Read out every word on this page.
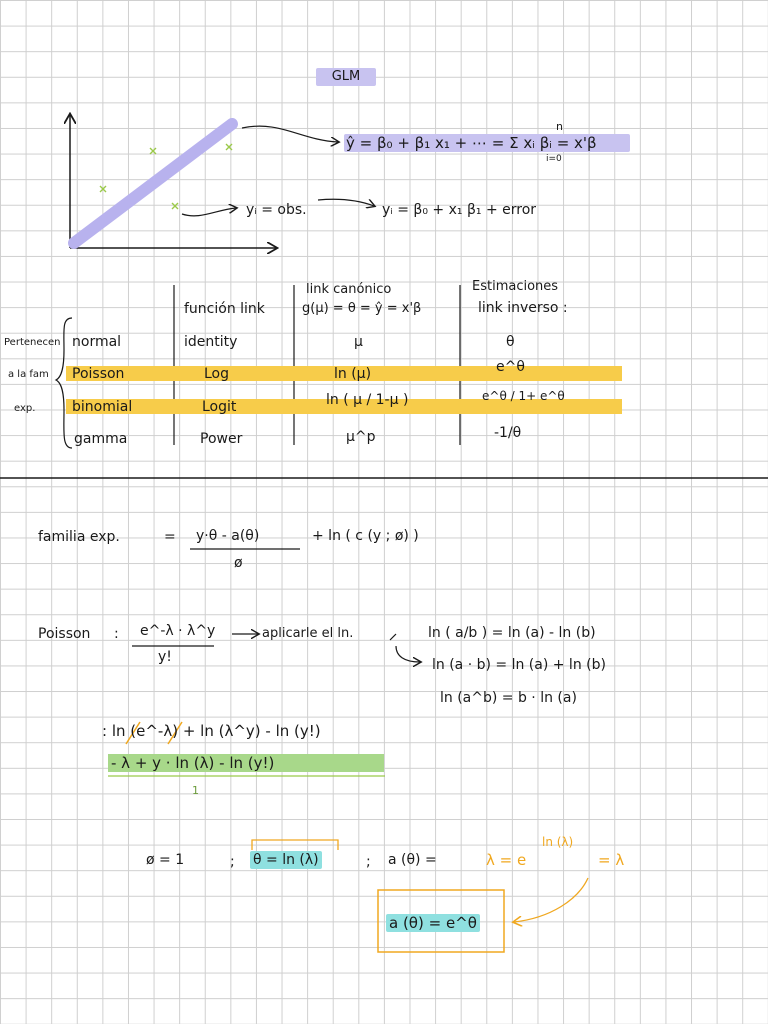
GLM
ŷ = β₀ + β₁ x₁ + ⋯ = Σ xᵢ βᵢ = x'β
n
i=0
yᵢ = obs.	yᵢ = β₀ + x₁ β₁ + error
función link
link canónico
g(μ) = θ = ŷ = x'β
Estimaciones
link inverso :
Pertenecen
a la fam
exp.
normal	identity	μ	θ
Poisson	Log	ln (μ)	e^θ
binomial	Logit	ln ( μ / 1-μ )	e^θ / 1+ e^θ
gamma	Power	μ^p	-1/θ
familia exp.	= y·θ - a(θ)
ø
+ ln ( c (y ; ø) )
Poisson : e^-λ · λ^y
y!
aplicarle el ln.	ln ( a/b ) = ln (a) - ln (b)
ln (a · b) = ln (a) + ln (b)
ln (a^b) = b · ln (a)
: ln (e^-λ) + ln (λ^y) - ln (y!)
- λ + y · ln (λ) - ln (y!)
1
ø = 1	; θ = ln (λ)	; a (θ) =	λ = e
ln (λ)
= λ
a (θ) = e^θ
